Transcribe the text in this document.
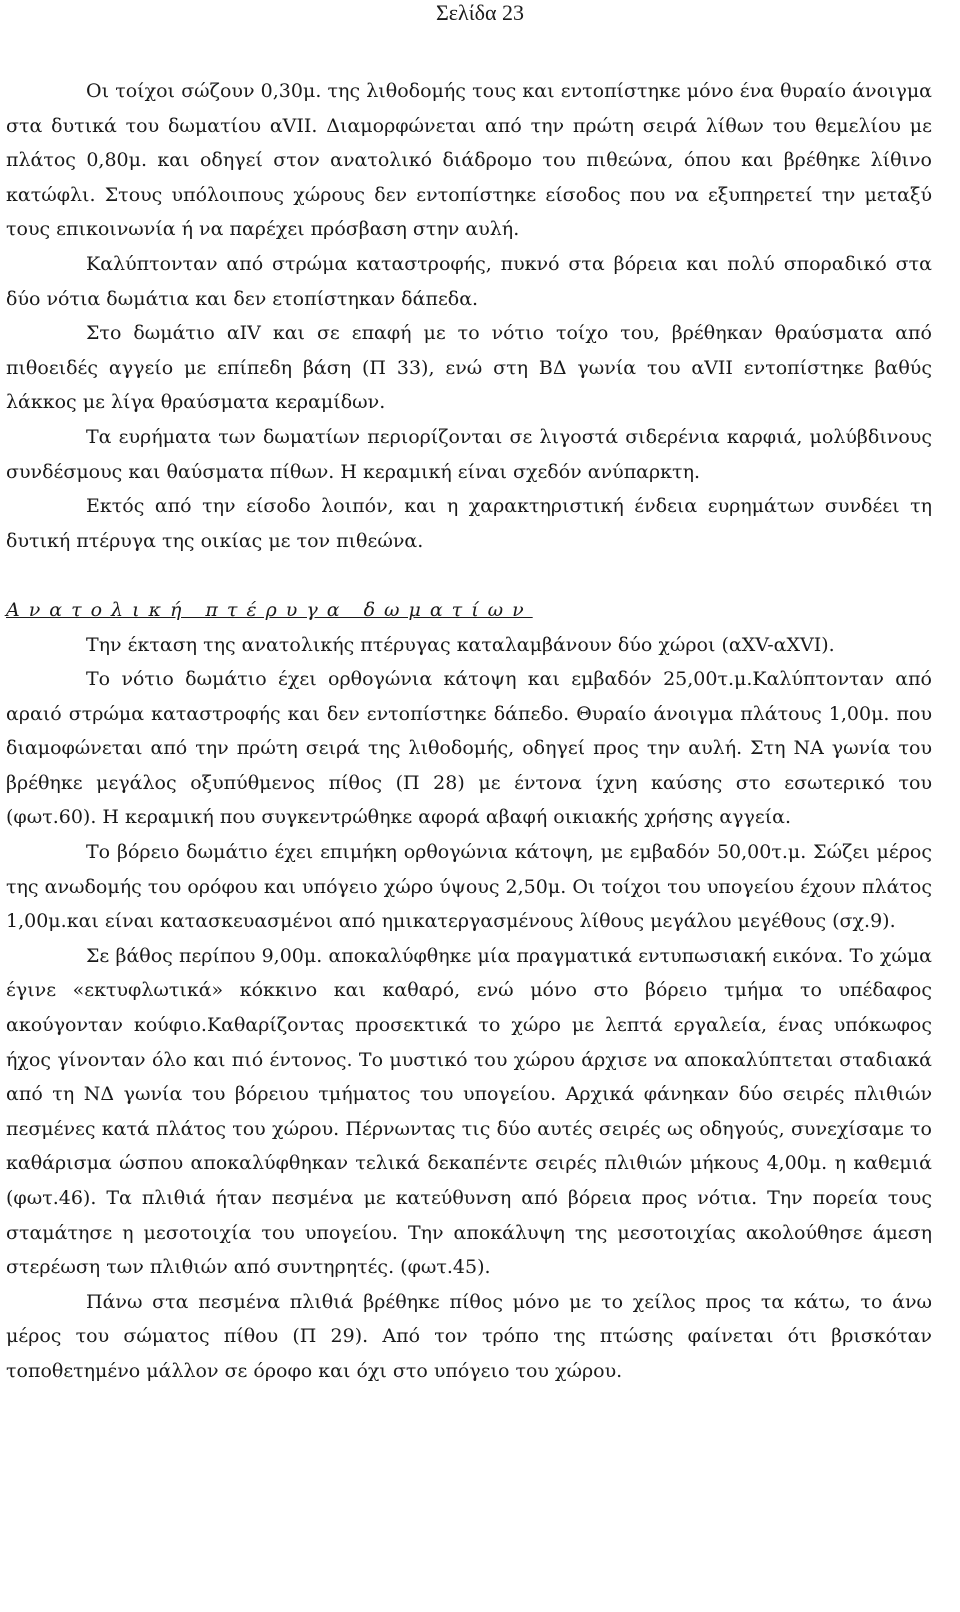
Σελίδα 23

Οι τοίχοι σώζουν 0,30μ. της λιθοδομής τους και εντοπίστηκε μόνο ένα θυραίο άνοιγμα στα δυτικά του δωματίου αVII. Διαμορφώνεται από την πρώτη σειρά λίθων του θεμελίου με πλάτος 0,80μ. και οδηγεί στον ανατολικό διάδρομο του πιθεώνα, όπου και βρέθηκε λίθινο κατώφλι. Στους υπόλοιπους χώρους δεν εντοπίστηκε είσοδος που να εξυπηρετεί την μεταξύ τους επικοινωνία ή να παρέχει πρόσβαση στην αυλή.

Καλύπτονταν από στρώμα καταστροφής, πυκνό στα βόρεια και πολύ σποραδικό στα δύο νότια δωμάτια και δεν ετοπίστηκαν δάπεδα.

Στο δωμάτιο αIV και σε επαφή με το νότιο τοίχο του, βρέθηκαν θραύσματα από πιθοειδές αγγείο με επίπεδη βάση (Π 33), ενώ στη ΒΔ γωνία του αVII εντοπίστηκε βαθύς λάκκος με λίγα θραύσματα κεραμίδων.

Τα ευρήματα των δωματίων περιορίζονται σε λιγοστά σιδερένια καρφιά, μολύβδινους συνδέσμους και θαύσματα πίθων. Η κεραμική είναι σχεδόν ανύπαρκτη.

Εκτός από την είσοδο λοιπόν, και η χαρακτηριστική ένδεια ευρημάτων συνδέει τη δυτική πτέρυγα της οικίας με τον πιθεώνα.

Ανατολική πτέρυγα δωματίων

Την έκταση της ανατολικής πτέρυγας καταλαμβάνουν δύο χώροι (αXV-αXVI).

Το νότιο δωμάτιο έχει ορθογώνια κάτοψη και εμβαδόν 25,00τ.μ.Καλύπτονταν από αραιό στρώμα καταστροφής και δεν εντοπίστηκε δάπεδο. Θυραίο άνοιγμα πλάτους 1,00μ. που διαμοφώνεται από την πρώτη σειρά της λιθοδομής, οδηγεί προς την αυλή. Στη ΝΑ γωνία του βρέθηκε μεγάλος οξυπύθμενος πίθος (Π 28) με έντονα ίχνη καύσης στο εσωτερικό του (φωτ.60). Η κεραμική που συγκεντρώθηκε αφορά αβαφή οικιακής χρήσης αγγεία.

Το βόρειο δωμάτιο έχει επιμήκη ορθογώνια κάτοψη, με εμβαδόν 50,00τ.μ. Σώζει μέρος της ανωδομής του ορόφου και υπόγειο χώρο ύψους 2,50μ. Οι τοίχοι του υπογείου έχουν πλάτος 1,00μ.και είναι κατασκευασμένοι από ημικατεργασμένους λίθους μεγάλου μεγέθους (σχ.9).

Σε βάθος περίπου 9,00μ. αποκαλύφθηκε μία πραγματικά εντυπωσιακή εικόνα. Το χώμα έγινε «εκτυφλωτικά» κόκκινο και καθαρό, ενώ μόνο στο βόρειο τμήμα το υπέδαφος ακούγονταν κούφιο.Καθαρίζοντας προσεκτικά το χώρο με λεπτά εργαλεία, ένας υπόκωφος ήχος γίνονταν όλο και πιό έντονος. Το μυστικό του χώρου άρχισε να αποκαλύπτεται σταδιακά από τη ΝΔ γωνία του βόρειου τμήματος του υπογείου. Αρχικά φάνηκαν δύο σειρές πλιθιών πεσμένες κατά πλάτος του χώρου. Πέρνωντας τις δύο αυτές σειρές ως οδηγούς, συνεχίσαμε το καθάρισμα ώσπου αποκαλύφθηκαν τελικά δεκαπέντε σειρές πλιθιών μήκους 4,00μ. η καθεμιά (φωτ.46). Τα πλιθιά ήταν πεσμένα με κατεύθυνση από βόρεια προς νότια. Την πορεία τους σταμάτησε η μεσοτοιχία του υπογείου. Την αποκάλυψη της μεσοτοιχίας ακολούθησε άμεση στερέωση των πλιθιών από συντηρητές. (φωτ.45).

Πάνω στα πεσμένα πλιθιά βρέθηκε πίθος μόνο με το χείλος προς τα κάτω, το άνω μέρος του σώματος πίθου (Π 29). Από τον τρόπο της πτώσης φαίνεται ότι βρισκόταν τοποθετημένο μάλλον σε όροφο και όχι στο υπόγειο του χώρου.
